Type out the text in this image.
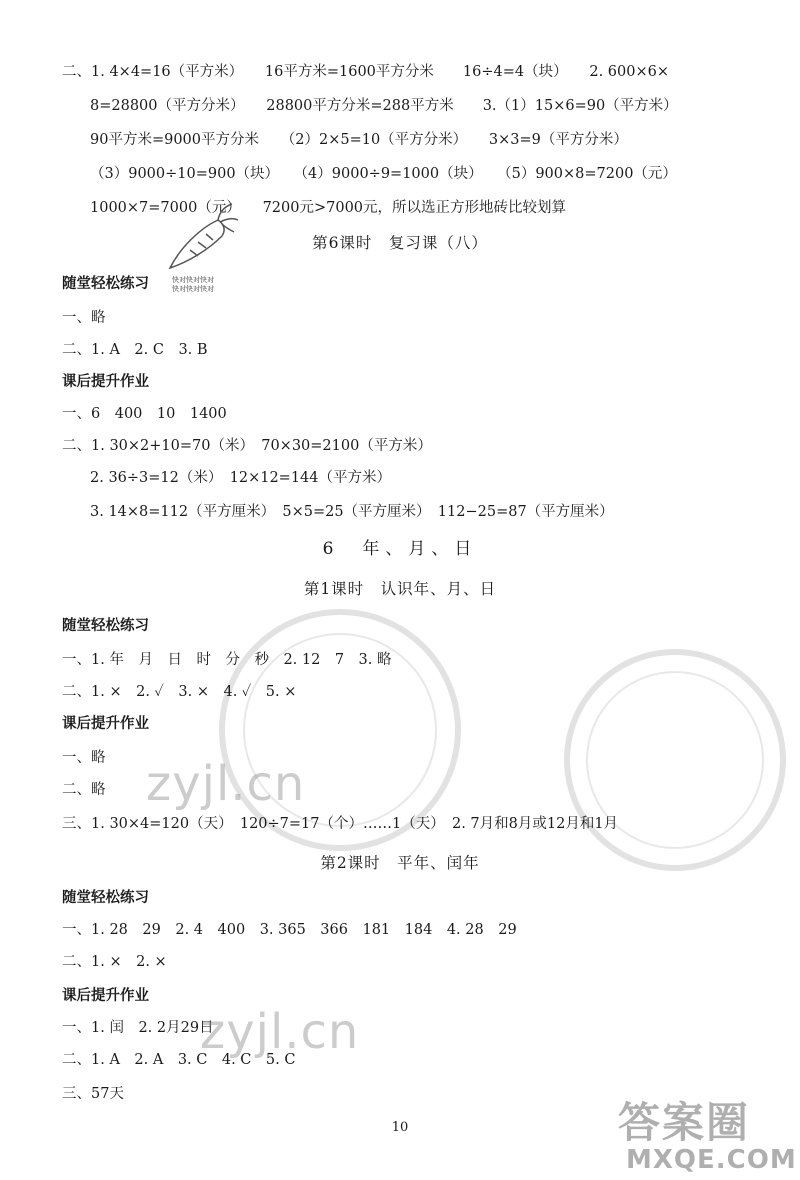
二、1. 4×4=16（平方米）　　16平方米=1600平方分米　　16÷4=4（块）　　2. 600×6×
8=28800（平方分米）　　28800平方分米=288平方米　　3.（1）15×6=90（平方米）
90平方米=9000平方分米　　（2）2×5=10（平方分米）　　3×3=9（平方分米）
（3）9000÷10=900（块）　　（4）9000÷9=1000（块）　　（5）900×8=7200（元）
1000×7=7000（元）　　7200元>7000元，所以选正方形地砖比较划算
第6课时　复习课（八）
随堂轻松练习	快对快对快对
快对快对快对
一、略
二、1. A　2. C　3. B
课后提升作业
一、6　400　10　1400
二、1. 30×2+10=70（米）　70×30=2100（平方米）
2. 36÷3=12（米）　12×12=144（平方米）
3. 14×8=112（平方厘米）　5×5=25（平方厘米）　112−25=87（平方厘米）
6　年、月、日
第1课时　认识年、月、日
随堂轻松练习
一、1. 年　月　日　时　分　秒　2. 12　7　3. 略
二、1. ×　2. ✓　3. ×　4. ✓　5. ×
课后提升作业
一、略
二、略
三、1. 30×4=120（天）　120÷7=17（个）……1（天）　2. 7月和8月或12月和1月
zyjl.cn
第2课时　平年、闰年
随堂轻松练习
一、1. 28　29　2. 4　400　3. 365　366　181　184　4. 28　29
二、1. ×　2. ×
课后提升作业
一、1. 闰　2. 2月29日
二、1. A　2. A　3. C　4. C　5. C
三、57天
zyjl.cn
10	答案圈
MXQE.COM
